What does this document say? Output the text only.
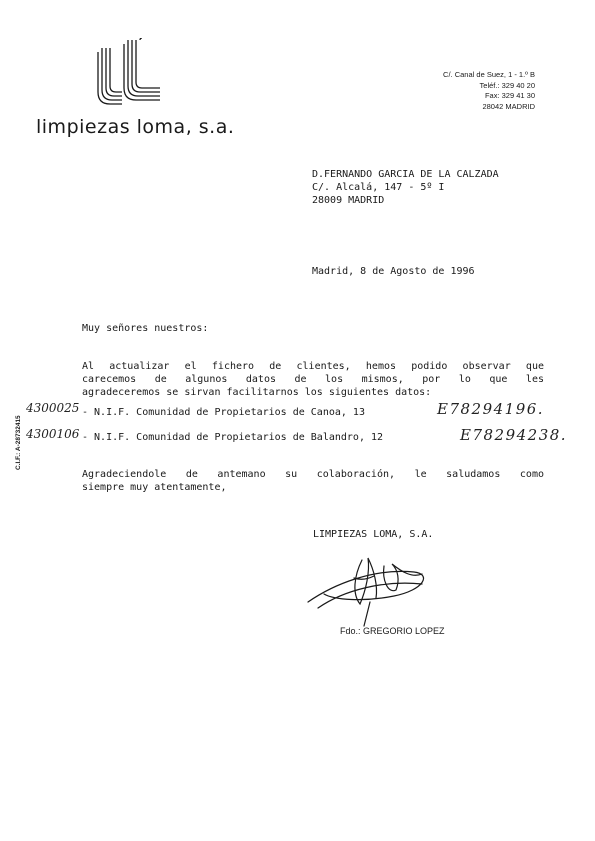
limpiezas loma, s.a.
C/. Canal de Suez, 1 - 1.º B
Teléf.: 329 40 20
Fax: 329 41 30
28042 MADRID
D.FERNANDO GARCIA DE LA CALZADA
C/. Alcalá, 147 - 5º I
28009 MADRID
Madrid, 8 de Agosto de 1996
Muy señores nuestros:
Al actualizar el fichero de clientes, hemos podido observar que
carecemos de algunos datos de los mismos, por lo que les
agradeceremos se sirvan facilitarnos los siguientes datos:
4300025 - N.I.F. Comunidad de Propietarios de Canoa, 13	E78294196.
4300106 - N.I.F. Comunidad de Propietarios de Balandro, 12	E78294238.
C.I.F.: A-28732415
Agradeciendole de antemano su colaboración, le saludamos como
siempre muy atentamente,
LIMPIEZAS LOMA, S.A.
Fdo.: GREGORIO LOPEZ
